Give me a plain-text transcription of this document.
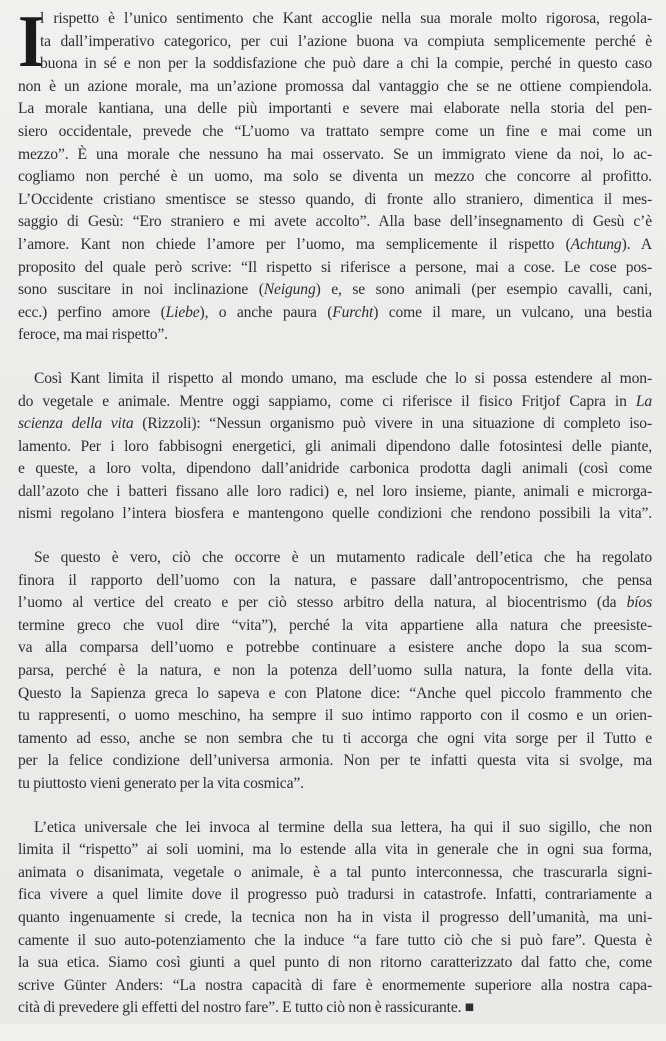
I
l rispetto è l’unico sentimento che Kant accoglie nella sua morale molto rigorosa, regola-
ta dall’imperativo categorico, per cui l’azione buona va compiuta semplicemente perché è
buona in sé e non per la soddisfazione che può dare a chi la compie, perché in questo caso
non è un azione morale, ma un’azione promossa dal vantaggio che se ne ottiene compiendola.
La morale kantiana, una delle più importanti e severe mai elaborate nella storia del pen-
siero occidentale, prevede che “L’uomo va trattato sempre come un fine e mai come un
mezzo”. È una morale che nessuno ha mai osservato. Se un immigrato viene da noi, lo ac-
cogliamo non perché è un uomo, ma solo se diventa un mezzo che concorre al profitto.
L’Occidente cristiano smentisce se stesso quando, di fronte allo straniero, dimentica il mes-
saggio di Gesù: “Ero straniero e mi avete accolto”. Alla base dell’insegnamento di Gesù c’è
l’amore. Kant non chiede l’amore per l’uomo, ma semplicemente il rispetto (Achtung). A
proposito del quale però scrive: “Il rispetto si riferisce a persone, mai a cose. Le cose pos-
sono suscitare in noi inclinazione (Neigung) e, se sono animali (per esempio cavalli, cani,
ecc.) perfino amore (Liebe), o anche paura (Furcht) come il mare, un vulcano, una bestia
feroce, ma mai rispetto”.
Così Kant limita il rispetto al mondo umano, ma esclude che lo si possa estendere al mon-
do vegetale e animale. Mentre oggi sappiamo, come ci riferisce il fisico Fritjof Capra in La
scienza della vita (Rizzoli): “Nessun organismo può vivere in una situazione di completo iso-
lamento. Per i loro fabbisogni energetici, gli animali dipendono dalle fotosintesi delle piante,
e queste, a loro volta, dipendono dall’anidride carbonica prodotta dagli animali (così come
dall’azoto che i batteri fissano alle loro radici) e, nel loro insieme, piante, animali e microrga-
nismi regolano l’intera biosfera e mantengono quelle condizioni che rendono possibili la vita”.
Se questo è vero, ciò che occorre è un mutamento radicale dell’etica che ha regolato
finora il rapporto dell’uomo con la natura, e passare dall’antropocentrismo, che pensa
l’uomo al vertice del creato e per ciò stesso arbitro della natura, al biocentrismo (da bíos
termine greco che vuol dire “vita”), perché la vita appartiene alla natura che preesiste-
va alla comparsa dell’uomo e potrebbe continuare a esistere anche dopo la sua scom-
parsa, perché è la natura, e non la potenza dell’uomo sulla natura, la fonte della vita.
Questo la Sapienza greca lo sapeva e con Platone dice: “Anche quel piccolo frammento che
tu rappresenti, o uomo meschino, ha sempre il suo intimo rapporto con il cosmo e un orien-
tamento ad esso, anche se non sembra che tu ti accorga che ogni vita sorge per il Tutto e
per la felice condizione dell’universa armonia. Non per te infatti questa vita si svolge, ma
tu piuttosto vieni generato per la vita cosmica”.
L’etica universale che lei invoca al termine della sua lettera, ha qui il suo sigillo, che non
limita il “rispetto” ai soli uomini, ma lo estende alla vita in generale che in ogni sua forma,
animata o disanimata, vegetale o animale, è a tal punto interconnessa, che trascurarla signi-
fica vivere a quel limite dove il progresso può tradursi in catastrofe. Infatti, contrariamente a
quanto ingenuamente si crede, la tecnica non ha in vista il progresso dell’umanità, ma uni-
camente il suo auto-potenziamento che la induce “a fare tutto ciò che si può fare”. Questa è
la sua etica. Siamo così giunti a quel punto di non ritorno caratterizzato dal fatto che, come
scrive Günter Anders: “La nostra capacità di fare è enormemente superiore alla nostra capa-
cità di prevedere gli effetti del nostro fare”. E tutto ciò non è rassicurante. ■
